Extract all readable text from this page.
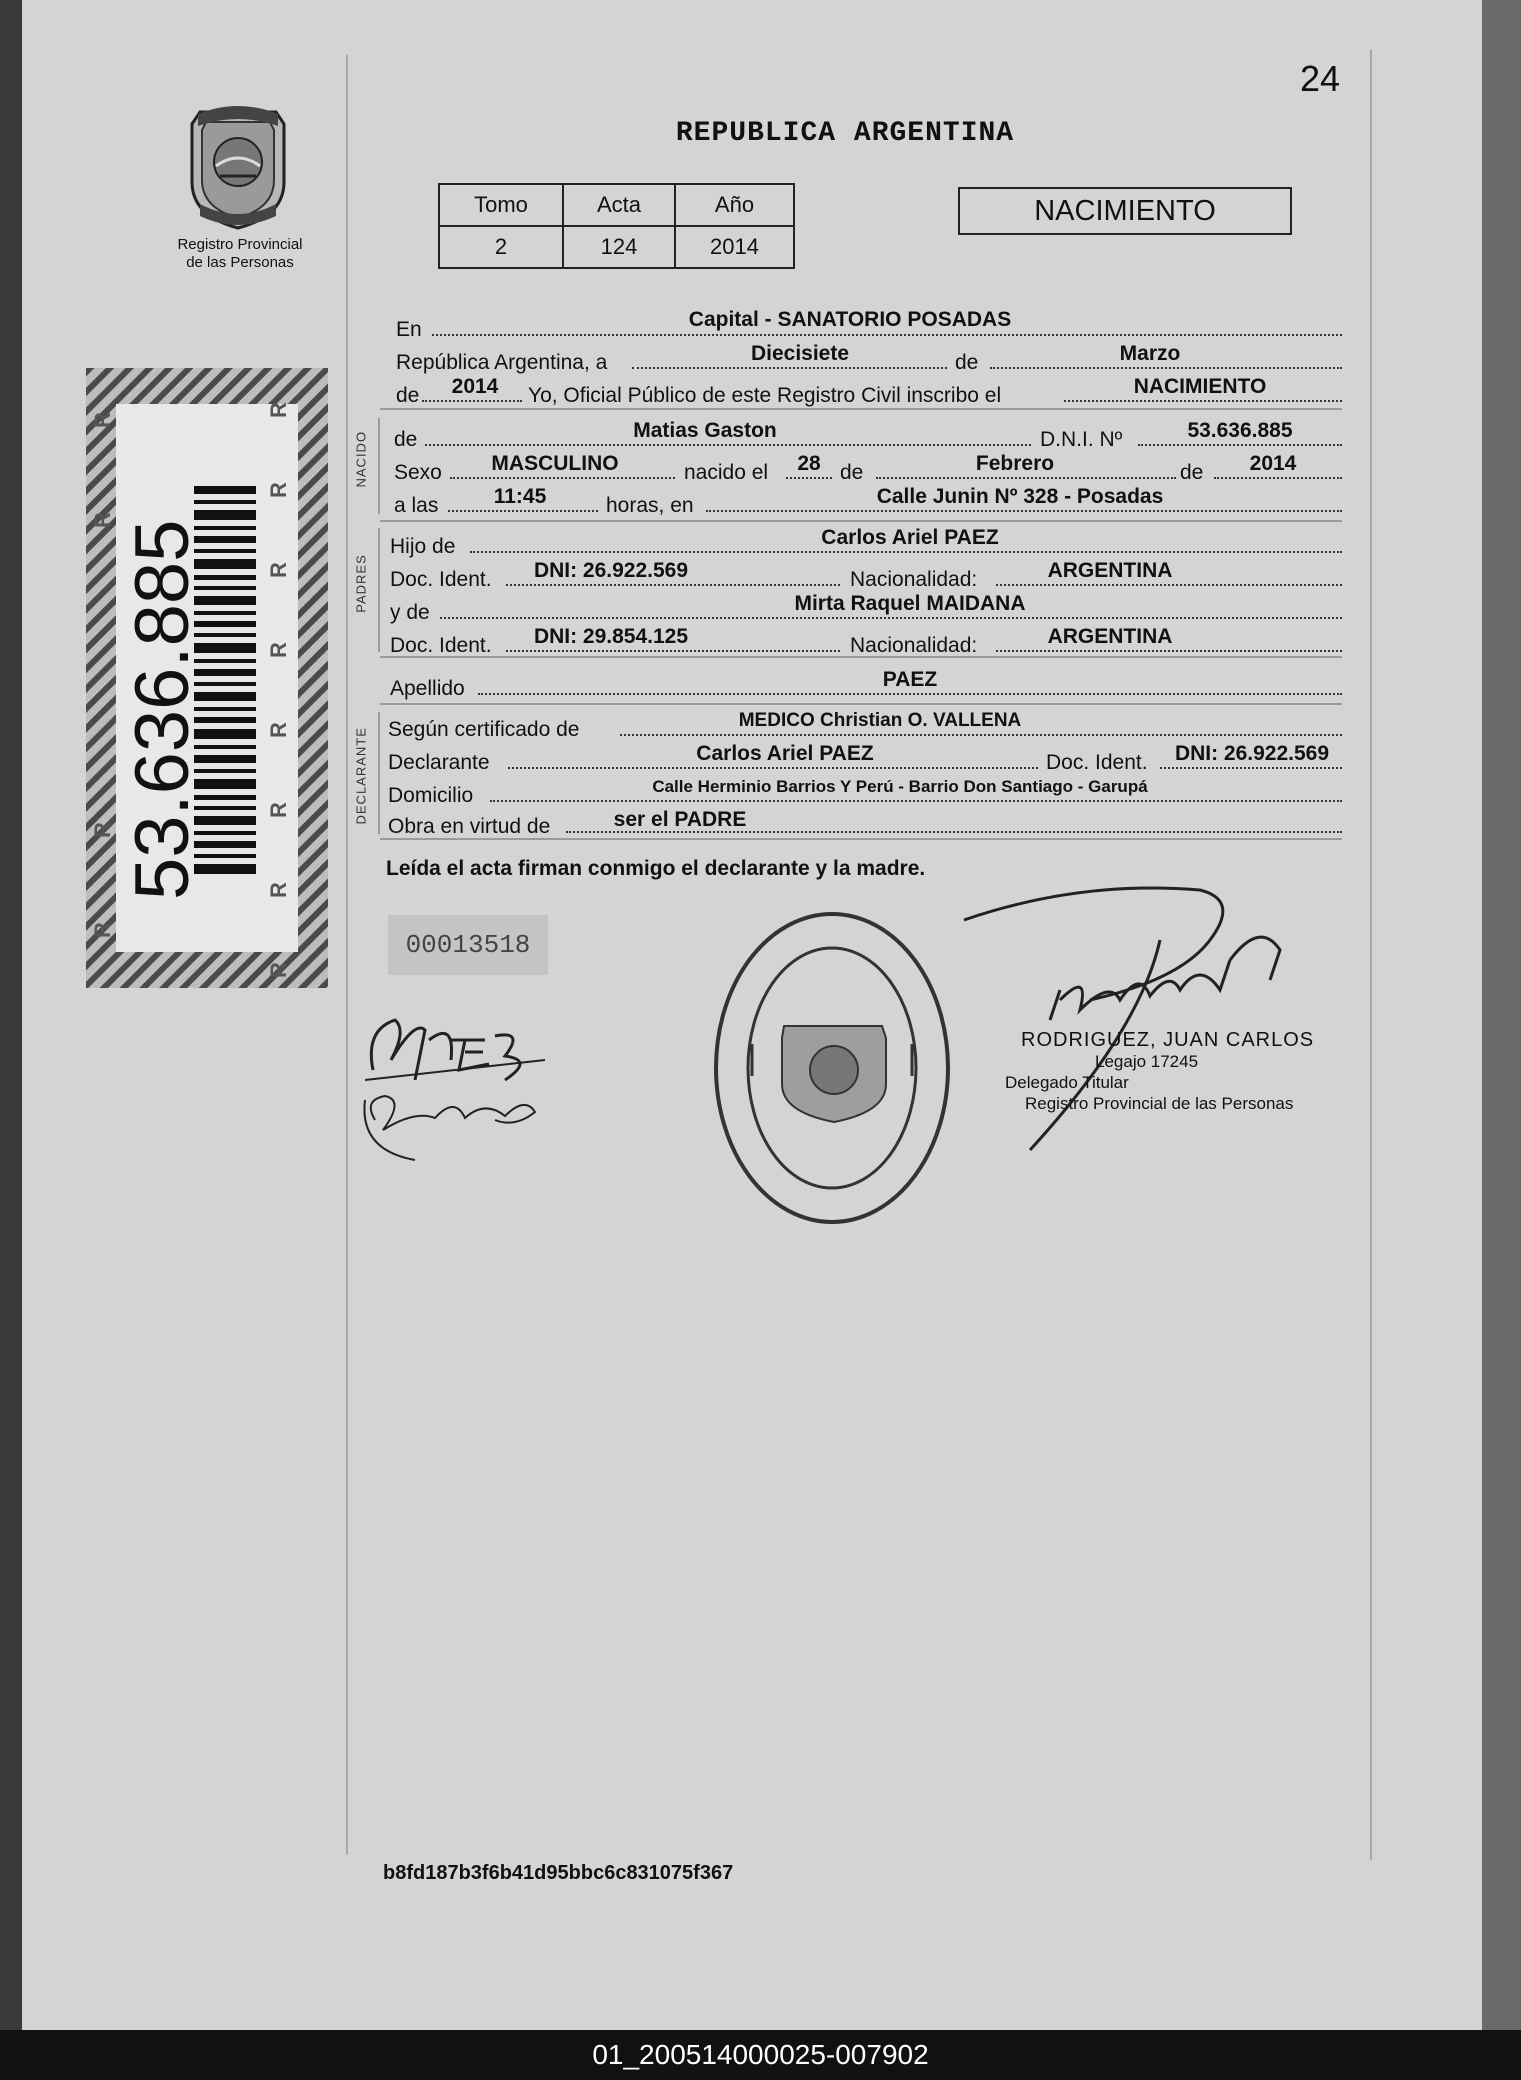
24
REPUBLICA ARGENTINA
Registro Provincial
de las Personas
Tomo	Acta	Año
2	124	2014
NACIMIENTO
R
R
R
R
R
R
R
R
R
R
R
R
53.636.885
NACIDO
PADRES
DECLARANTE
En	Capital - SANATORIO POSADAS
República Argentina, a	Diecisiete	de	Marzo
de	2014	Yo, Oficial Público de este Registro Civil inscribo el	NACIMIENTO
de	Matias Gaston	D.N.I. Nº	53.636.885
Sexo	MASCULINO	nacido el	28 de	Febrero	de	2014
a las	11:45	horas, en	Calle Junin Nº 328 - Posadas
Hijo de	Carlos Ariel PAEZ
Doc. Ident.	DNI: 26.922.569	Nacionalidad:	ARGENTINA
y de	Mirta Raquel MAIDANA
Doc. Ident.	DNI: 29.854.125	Nacionalidad:	ARGENTINA
Apellido	PAEZ
Según certificado de	MEDICO Christian O. VALLENA
Declarante	Carlos Ariel PAEZ	Doc. Ident.	DNI: 26.922.569
Domicilio	Calle Herminio Barrios Y Perú - Barrio Don Santiago - Garupá
Obra en virtud de	ser el PADRE
Leída el acta firman conmigo el declarante y la madre.
00013518
RODRIGUEZ, JUAN CARLOS
Legajo 17245
Delegado Titular
Registro Provincial de las Personas
b8fd187b3f6b41d95bbc6c831075f367
01_200514000025-007902
